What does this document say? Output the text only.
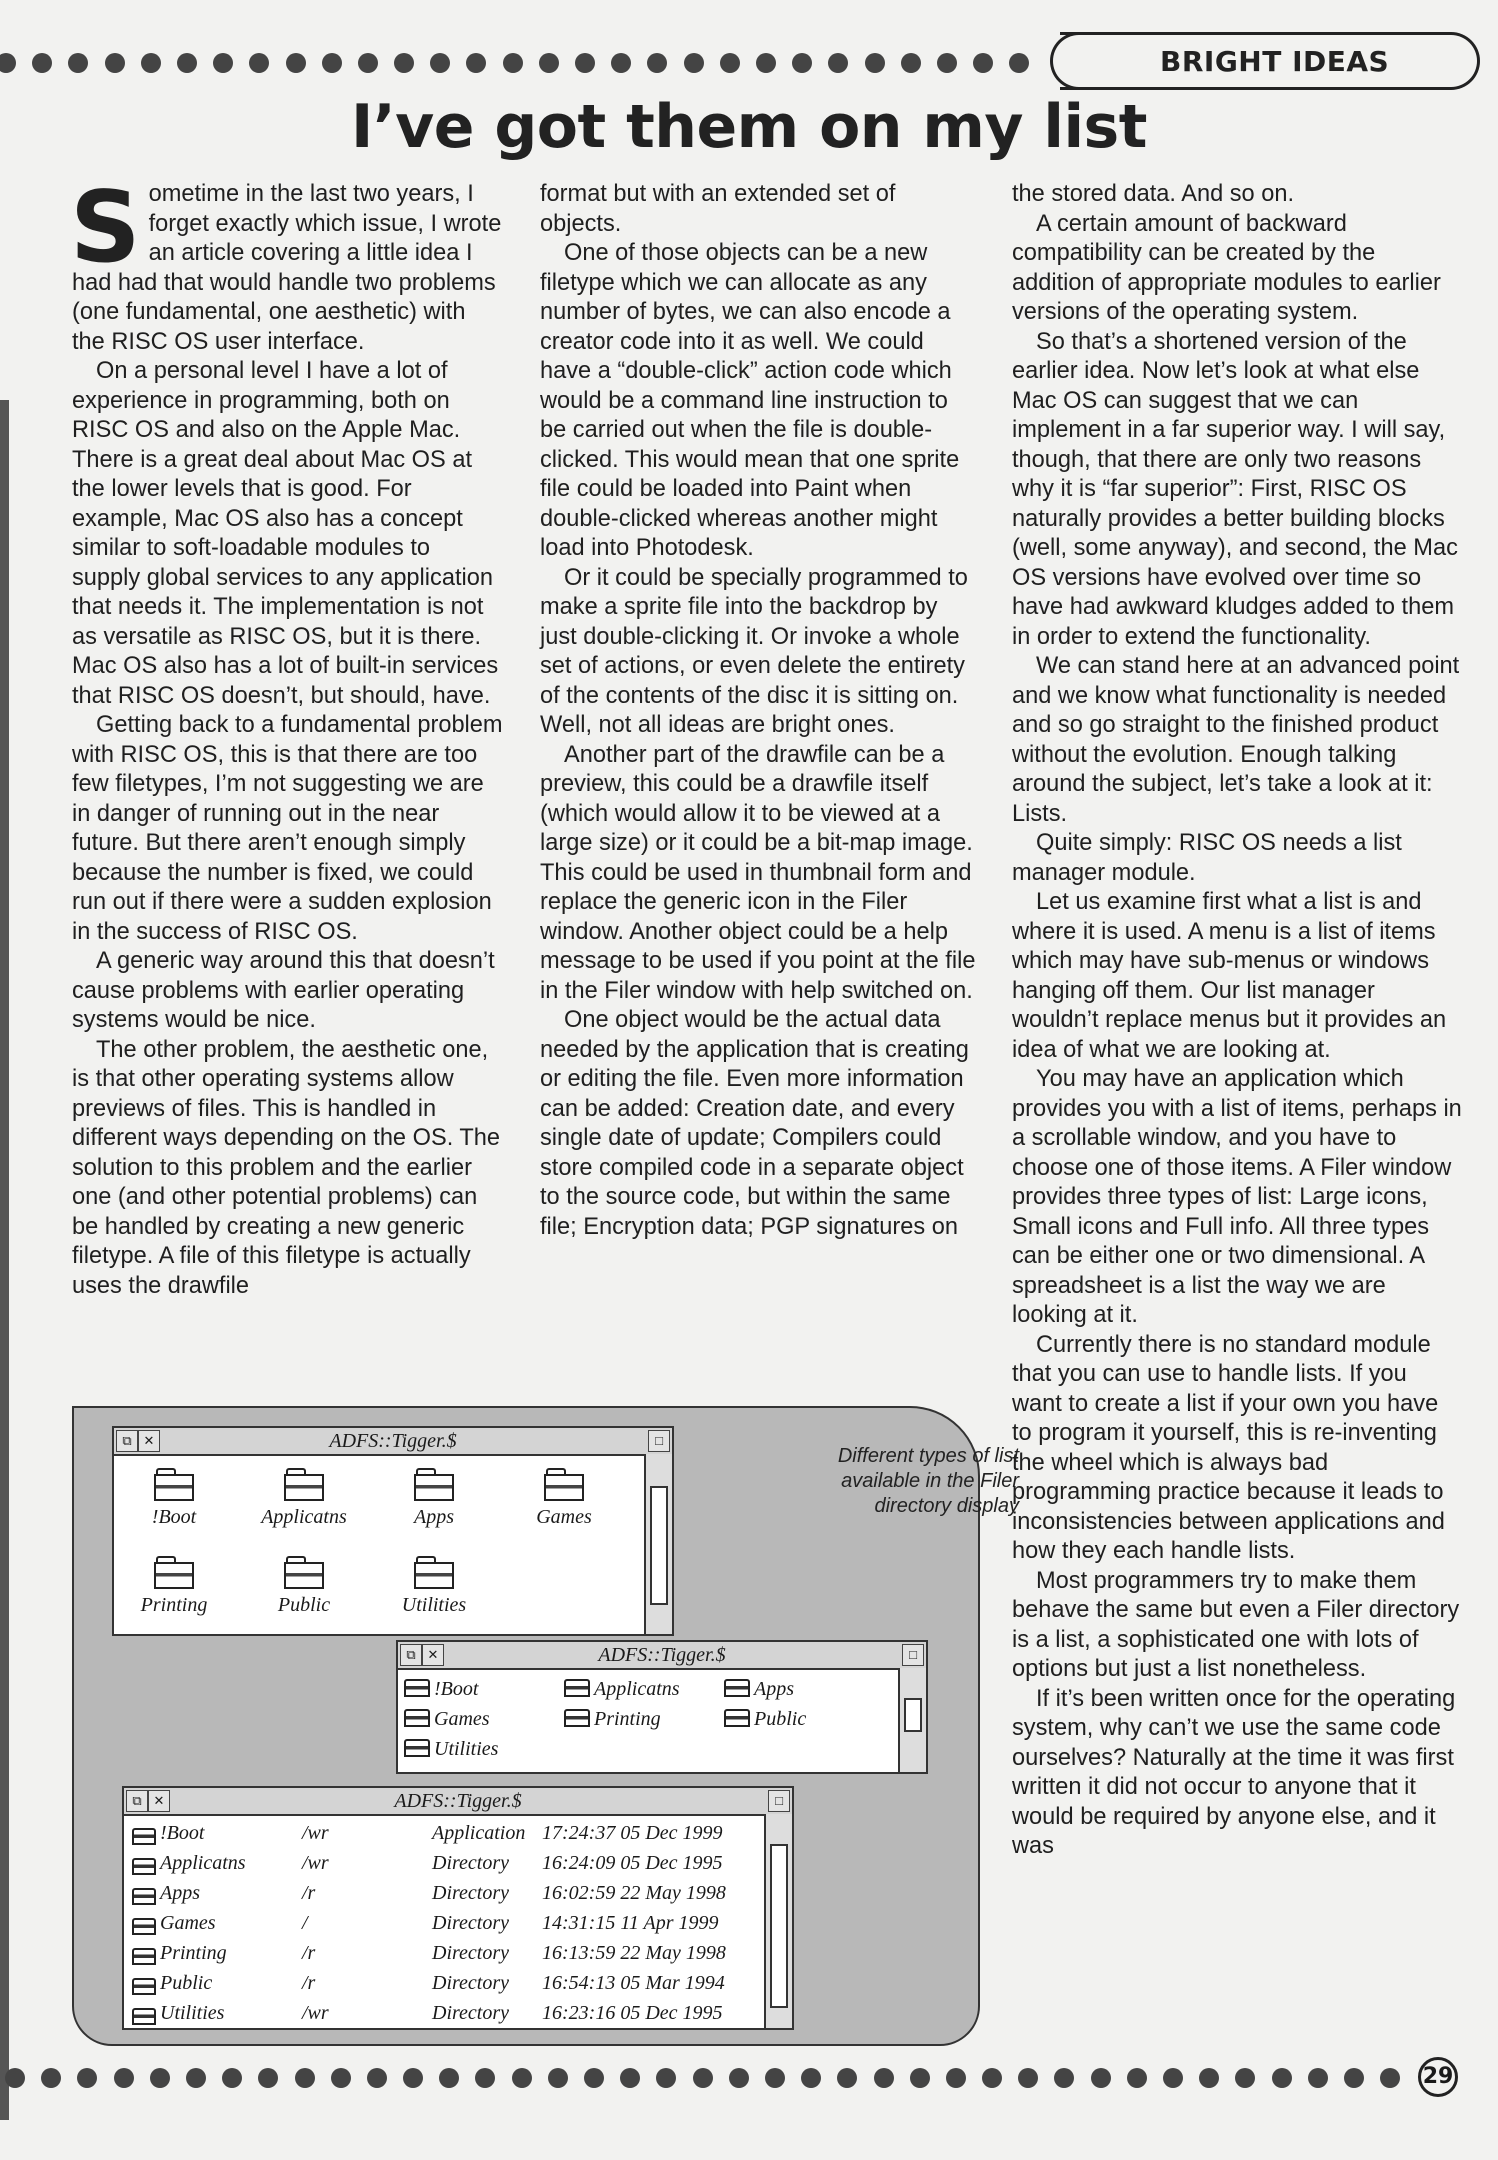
BRIGHT IDEAS
I’ve got them on my list

Sometime in the last two years, I forget exactly which issue, I wrote an article covering a little idea I had had that would handle two problems (one fundamental, one aesthetic) with the RISC OS user interface.

On a personal level I have a lot of experience in programming, both on RISC OS and also on the Apple Mac. There is a great deal about Mac OS at the lower levels that is good. For example, Mac OS also has a concept similar to soft-loadable modules to supply global services to any application that needs it. The implementation is not as versatile as RISC OS, but it is there. Mac OS also has a lot of built-in services that RISC OS doesn’t, but should, have.

Getting back to a fundamental problem with RISC OS, this is that there are too few filetypes, I’m not suggesting we are in danger of running out in the near future. But there aren’t enough simply because the number is fixed, we could run out if there were a sudden explosion in the success of RISC OS.

A generic way around this that doesn’t cause problems with earlier operating systems would be nice.

The other problem, the aesthetic one, is that other operating systems allow previews of files. This is handled in different ways depending on the OS. The solution to this problem and the earlier one (and other potential problems) can be handled by creating a new generic filetype. A file of this filetype is actually uses the drawfile

format but with an extended set of objects.

One of those objects can be a new filetype which we can allocate as any number of bytes, we can also encode a creator code into it as well. We could have a “double-click” action code which would be a command line instruction to be carried out when the file is double-clicked. This would mean that one sprite file could be loaded into Paint when double-clicked whereas another might load into Photodesk.

Or it could be specially programmed to make a sprite file into the backdrop by just double-clicking it. Or invoke a whole set of actions, or even delete the entirety of the contents of the disc it is sitting on. Well, not all ideas are bright ones.

Another part of the drawfile can be a preview, this could be a drawfile itself (which would allow it to be viewed at a large size) or it could be a bit-map image. This could be used in thumbnail form and replace the generic icon in the Filer window. Another object could be a help message to be used if you point at the file in the Filer window with help switched on.

One object would be the actual data needed by the application that is creating or editing the file. Even more information can be added: Creation date, and every single date of update; Compilers could store compiled code in a separate object to the source code, but within the same file; Encryption data; PGP signatures on

the stored data. And so on.

A certain amount of backward compatibility can be created by the addition of appropriate modules to earlier versions of the operating system.

So that’s a shortened version of the earlier idea. Now let’s look at what else Mac OS can suggest that we can implement in a far superior way. I will say, though, that there are only two reasons why it is “far superior”: First, RISC OS naturally provides a better building blocks (well, some anyway), and second, the Mac OS versions have evolved over time so have had awkward kludges added to them in order to extend the functionality.

We can stand here at an advanced point and we know what functionality is needed and so go straight to the finished product without the evolution. Enough talking around the subject, let’s take a look at it: Lists.

Quite simply: RISC OS needs a list manager module.

Let us examine first what a list is and where it is used. A menu is a list of items which may have sub-menus or windows hanging off them. Our list manager wouldn’t replace menus but it provides an idea of what we are looking at.

You may have an application which provides you with a list of items, perhaps in a scrollable window, and you have to choose one of those items. A Filer window provides three types of list: Large icons, Small icons and Full info. All three types can be either one or two dimensional. A spreadsheet is a list the way we are looking at it.

Currently there is no standard module that you can use to handle lists. If you want to create a list if your own you have to program it yourself, this is re-inventing the wheel which is always bad programming practice because it leads to inconsistencies between applications and how they each handle lists.

Most programmers try to make them behave the same but even a Filer directory is a list, a sophisticated one with lots of options but just a list nonetheless.

If it’s been written once for the operating system, why can’t we use the same code ourselves? Naturally at the time it was first written it did not occur to anyone that it would be required by anyone else, and it was

Different types of list available in the Filer directory display
⧉ ✕	ADFS::Tigger.$	□
!Boot	Applicatns	Apps	Games
Printing	Public	Utilities
⧉ ✕	ADFS::Tigger.$	□
!Boot	Applicatns	Apps
Games	Printing	Public
Utilities
⧉ ✕	ADFS::Tigger.$	□
!Boot	/wr	Application 17:24:37 05 Dec 1999
Applicatns	/wr	Directory 16:24:09 05 Dec 1995
Apps	/r	Directory 16:02:59 22 May 1998
Games	/	Directory 14:31:15 11 Apr 1999
Printing	/r	Directory 16:13:59 22 May 1998
Public	/r	Directory 16:54:13 05 Mar 1994
Utilities	/wr	Directory 16:23:16 05 Dec 1995
29
